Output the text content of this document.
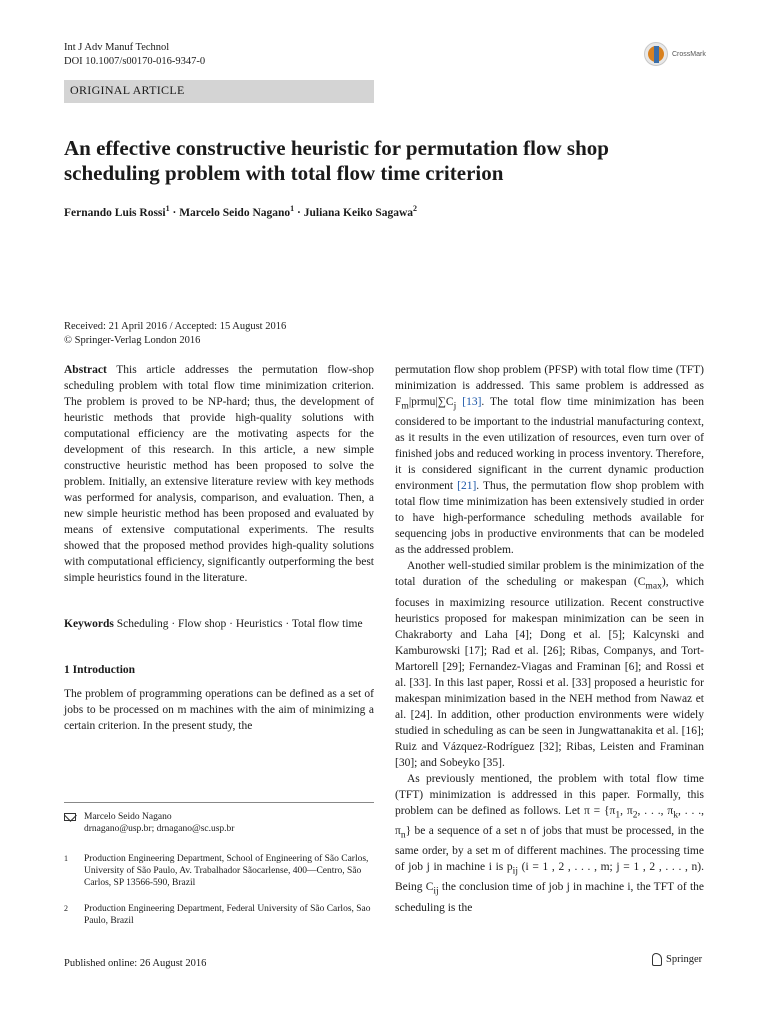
Int J Adv Manuf Technol
DOI 10.1007/s00170-016-9347-0
CrossMark
ORIGINAL ARTICLE
An effective constructive heuristic for permutation flow shop scheduling problem with total flow time criterion
Fernando Luis Rossi$^1$ · Marcelo Seido Nagano$^1$ · Juliana Keiko Sagawa$^2$
Received: 21 April 2016 / Accepted: 15 August 2016
© Springer-Verlag London 2016

Abstract This article addresses the permutation flow-shop scheduling problem with total flow time minimization criterion. The problem is proved to be NP-hard; thus, the development of heuristic methods that provide high-quality solutions with computational efficiency are the motivating aspects for the development of this research. In this article, a new simple constructive heuristic method has been proposed to solve the problem. Initially, an extensive literature review with key methods was performed for analysis, comparison, and evaluation. Then, a new simple heuristic method has been proposed and evaluated by means of extensive computational experiments. The results showed that the proposed method provides high-quality solutions with computational efficiency, significantly outperforming the best simple heuristics found in the literature.

Keywords Scheduling · Flow shop · Heuristics · Total flow time

1 Introduction

The problem of programming operations can be defined as a set of jobs to be processed on m machines with the aim of minimizing a certain criterion. In the present study, the

permutation flow shop problem (PFSP) with total flow time (TFT) minimization is addressed. This same problem is addressed as $F_m|prmu|\sum C_j$ [13]. The total flow time minimization has been considered to be important to the industrial manufacturing context, as it results in the even utilization of resources, even turn over of finished jobs and reduced working in process inventory. Therefore, it is considered significant in the current dynamic production environment [21]. Thus, the permutation flow shop problem with total flow time minimization has been extensively studied in order to have high-performance scheduling methods available for sequencing jobs in productive environments that can be modeled as the addressed problem.

Another well-studied similar problem is the minimization of the total duration of the scheduling or makespan $(C_{max})$, which focuses in maximizing resource utilization. Recent constructive heuristics proposed for makespan minimization can be seen in Chakraborty and Laha [4]; Dong et al. [5]; Kalcynski and Kamburowski [17]; Rad et al. [26]; Ribas, Companys, and Tort-Martorell [29]; Fernandez-Viagas and Framinan [6]; and Rossi et al. [33]. In this last paper, Rossi et al. [33] proposed a heuristic for makespan minimization based in the NEH method from Nawaz et al. [24]. In addition, other production environments were widely studied in scheduling as can be seen in Jungwattanakita et al. [16]; Ruiz and Vázquez-Rodríguez [32]; Ribas, Leisten and Framinan [30]; and Sobeyko [35].

As previously mentioned, the problem with total flow time (TFT) minimization is addressed in this paper. Formally, this problem can be defined as follows. Let $\pi = \{\pi_1$, $\pi_2$, . . ., $\pi_k$, . . ., $\pi_n$} be a sequence of a set n of jobs that must be processed, in the same order, by a set m of different machines. The processing time of job j in machine i is $p_{ij}$ (i = 1 , 2 , . . . , m; j = 1 , 2 , . . . , n). Being $C_{ij}$ the conclusion time of job j in machine i, the TFT of the scheduling is the

Marcelo Seido Nagano
drnagano@usp.br; drnagano@sc.usp.br
1 Production Engineering Department, School of Engineering of São Carlos, University of São Paulo, Av. Trabalhador Sãocarlense, 400—Centro, São Carlos, SP 13566-590, Brazil
2 Production Engineering Department, Federal University of São Carlos, Sao Paulo, Brazil
Published online: 26 August 2016	Springer
